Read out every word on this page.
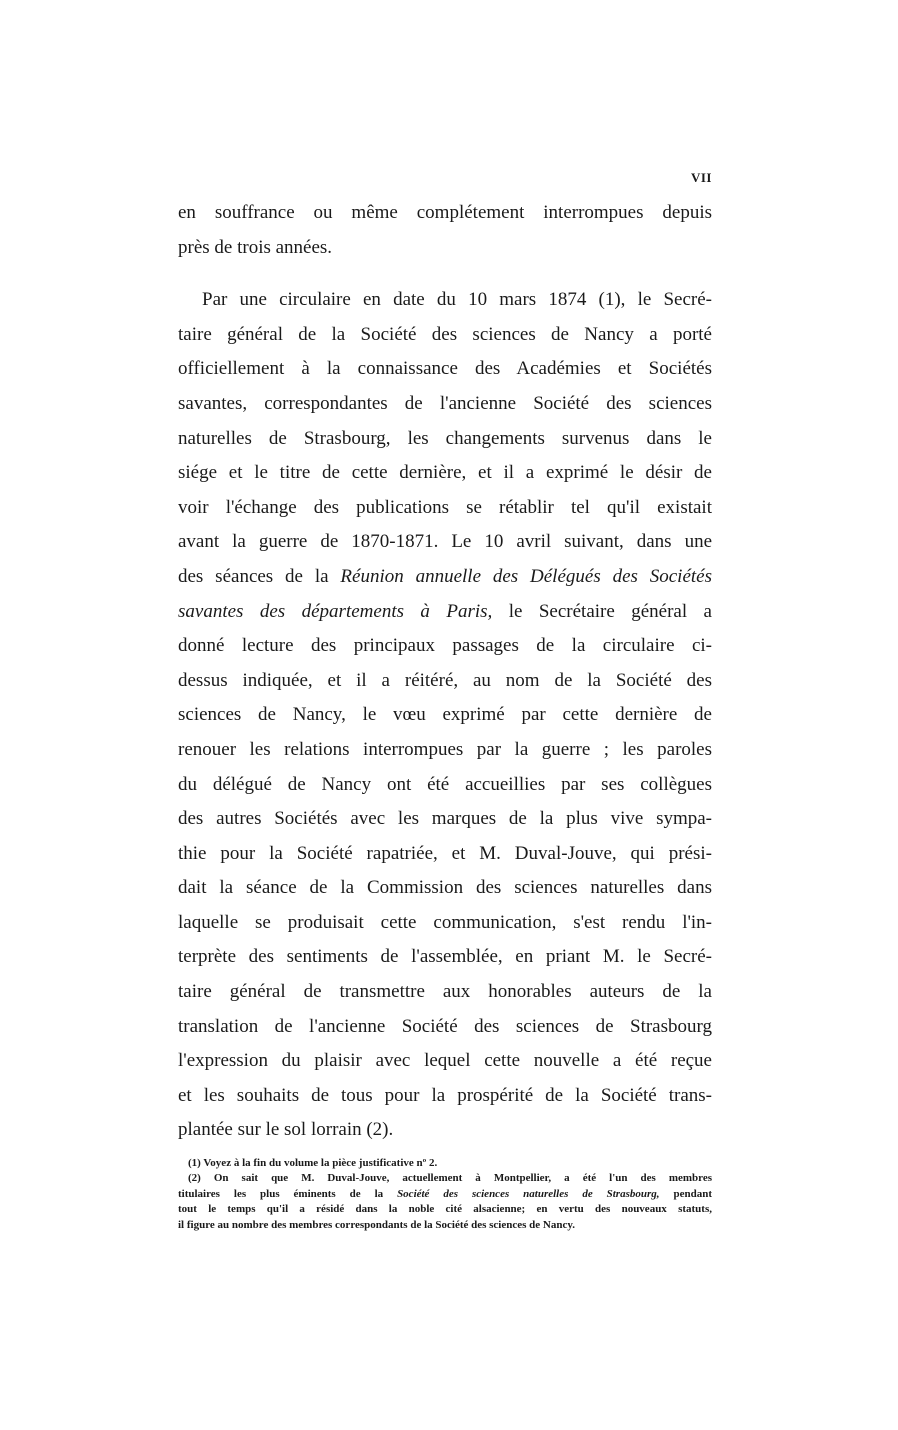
VII
en souffrance ou même complétement interrompues depuis
près de trois années.
Par une circulaire en date du 10 mars 1874 (1), le Secré-
taire général de la Société des sciences de Nancy a porté
officiellement à la connaissance des Académies et Sociétés
savantes, correspondantes de l'ancienne Société des sciences
naturelles de Strasbourg, les changements survenus dans le
siége et le titre de cette dernière, et il a exprimé le désir de
voir l'échange des publications se rétablir tel qu'il existait
avant la guerre de 1870-1871. Le 10 avril suivant, dans une
des séances de la Réunion annuelle des Délégués des Sociétés
savantes des départements à Paris, le Secrétaire général a
donné lecture des principaux passages de la circulaire ci-
dessus indiquée, et il a réitéré, au nom de la Société des
sciences de Nancy, le vœu exprimé par cette dernière de
renouer les relations interrompues par la guerre ; les paroles
du délégué de Nancy ont été accueillies par ses collègues
des autres Sociétés avec les marques de la plus vive sympa-
thie pour la Société rapatriée, et M. Duval-Jouve, qui prési-
dait la séance de la Commission des sciences naturelles dans
laquelle se produisait cette communication, s'est rendu l'in-
terprète des sentiments de l'assemblée, en priant M. le Secré-
taire général de transmettre aux honorables auteurs de la
translation de l'ancienne Société des sciences de Strasbourg
l'expression du plaisir avec lequel cette nouvelle a été reçue
et les souhaits de tous pour la prospérité de la Société trans-
plantée sur le sol lorrain (2).
(1) Voyez à la fin du volume la pièce justificative nº 2.
(2) On sait que M. Duval-Jouve, actuellement à Montpellier, a été l'un des membres
titulaires les plus éminents de la Société des sciences naturelles de Strasbourg, pendant
tout le temps qu'il a résidé dans la noble cité alsacienne; en vertu des nouveaux statuts,
il figure au nombre des membres correspondants de la Société des sciences de Nancy.
